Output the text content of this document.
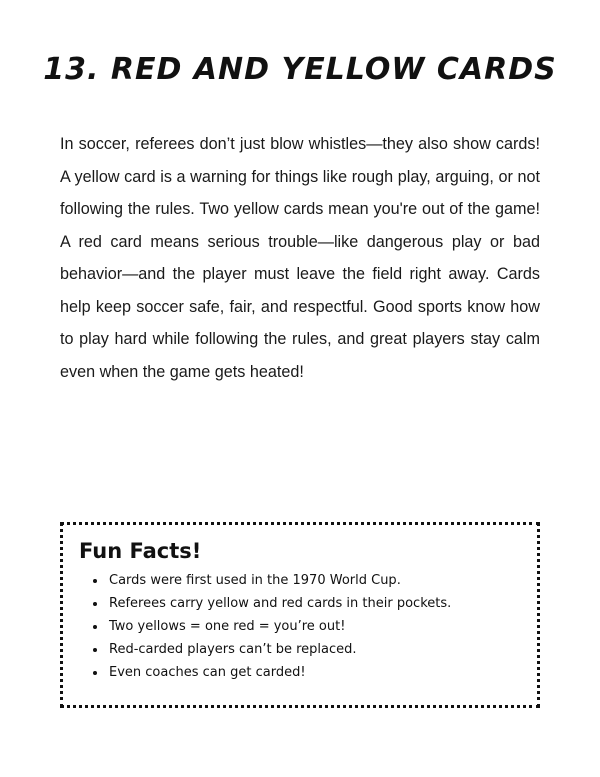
13. RED AND YELLOW CARDS

In soccer, referees don’t just blow whistles—they also show cards! A yellow card is a warning for things like rough play, arguing, or not following the rules. Two yellow cards mean you're out of the game! A red card means serious trouble—like dangerous play or bad behavior—and the player must leave the field right away. Cards help keep soccer safe, fair, and respectful. Good sports know how to play hard while following the rules, and great players stay calm even when the game gets heated!

Fun Facts!
• Cards were first used in the 1970 World Cup.
• Referees carry yellow and red cards in their pockets.
• Two yellows = one red = you’re out!
• Red-carded players can’t be replaced.
• Even coaches can get carded!
